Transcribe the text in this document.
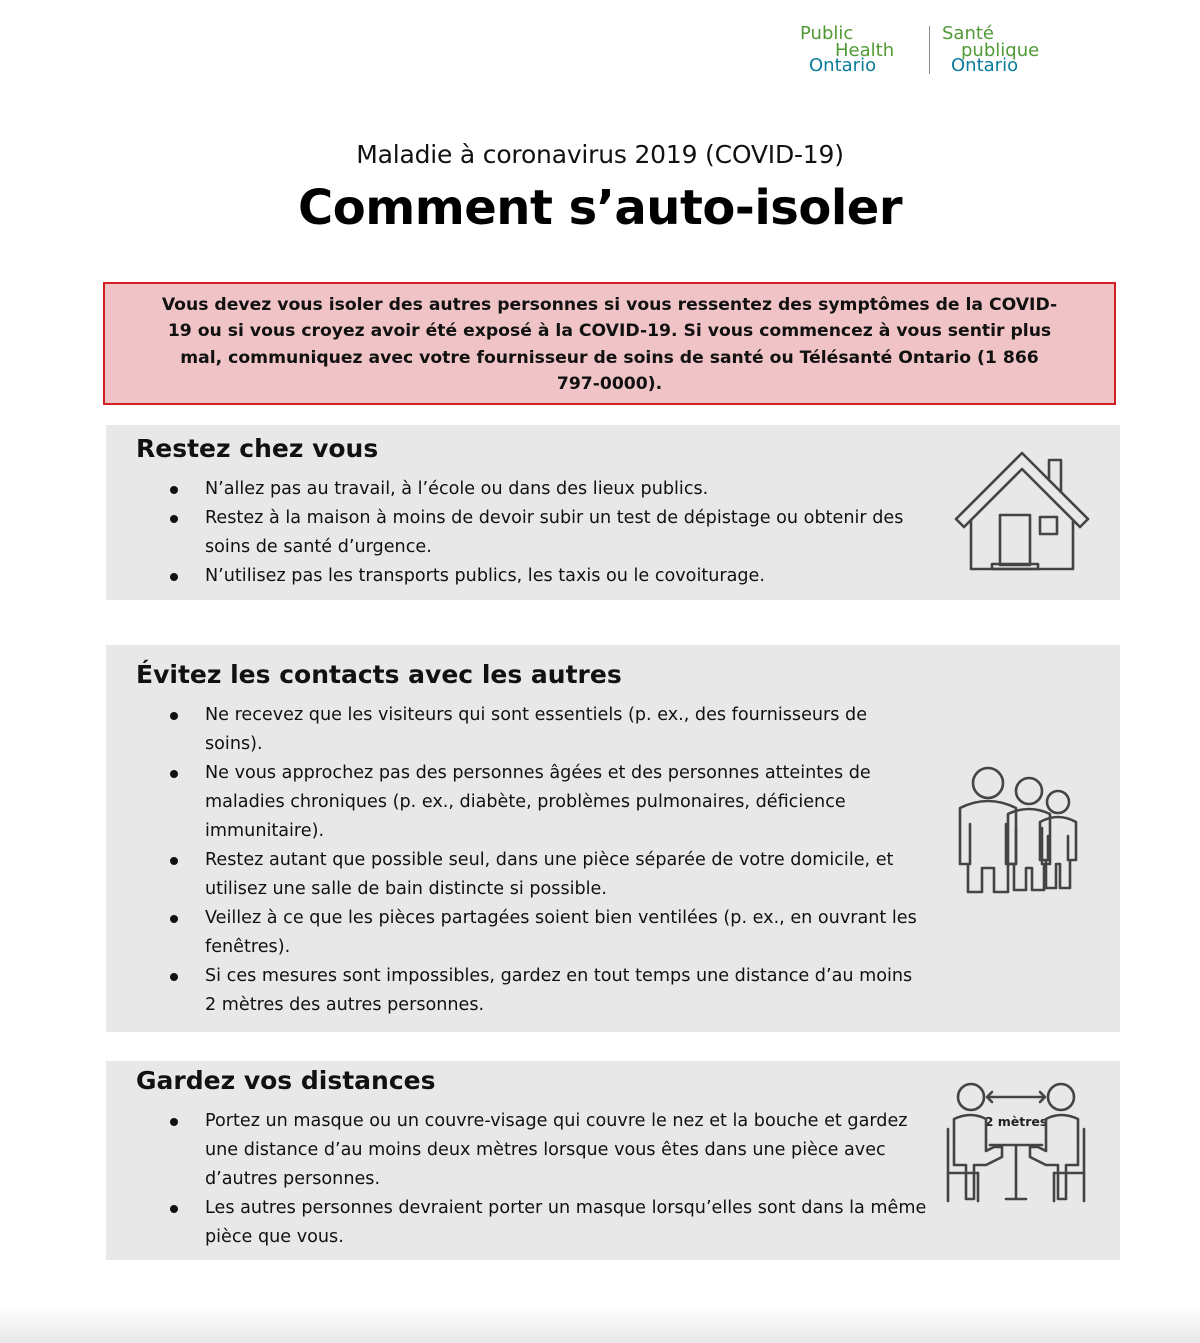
Public
Health
Ontario
Santé
publique
Ontario
Maladie à coronavirus 2019 (COVID-19)
Comment s’auto-isoler
Vous devez vous isoler des autres personnes si vous ressentez des symptômes de la COVID-19 ou si vous croyez avoir été exposé à la COVID-19. Si vous commencez à vous sentir plus mal, communiquez avec votre fournisseur de soins de santé ou Télésanté Ontario (1 866 797-0000).
Restez chez vous
N’allez pas au travail, à l’école ou dans des lieux publics.
Restez à la maison à moins de devoir subir un test de dépistage ou obtenir des soins de santé d’urgence.
N’utilisez pas les transports publics, les taxis ou le covoiturage.
Évitez les contacts avec les autres
Ne recevez que les visiteurs qui sont essentiels (p. ex., des fournisseurs de soins).
Ne vous approchez pas des personnes âgées et des personnes atteintes de maladies chroniques (p. ex., diabète, problèmes pulmonaires, déficience immunitaire).
Restez autant que possible seul, dans une pièce séparée de votre domicile, et utilisez une salle de bain distincte si possible.
Veillez à ce que les pièces partagées soient bien ventilées (p. ex., en ouvrant les fenêtres).
Si ces mesures sont impossibles, gardez en tout temps une distance d’au moins 2 mètres des autres personnes.
Gardez vos distances
Portez un masque ou un couvre-visage qui couvre le nez et la bouche et gardez une distance d’au moins deux mètres lorsque vous êtes dans une pièce avec d’autres personnes.
Les autres personnes devraient porter un masque lorsqu’elles sont dans la même pièce que vous.
2 mètres
